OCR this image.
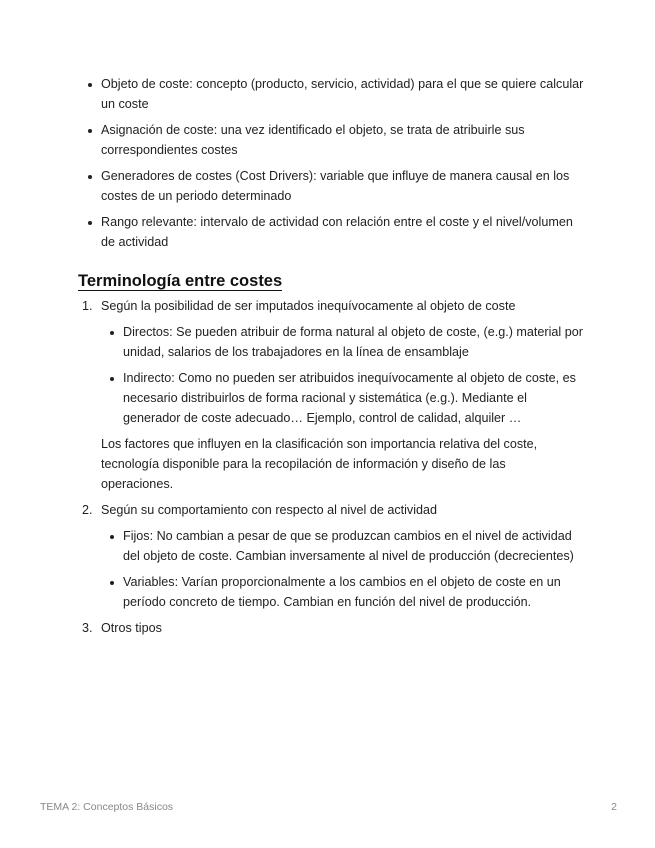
Objeto de coste: concepto (producto, servicio, actividad) para el que se quiere calcular un coste
Asignación de coste: una vez identificado el objeto, se trata de atribuirle sus correspondientes costes
Generadores de costes (Cost Drivers): variable que influye de manera causal en los costes de un periodo determinado
Rango relevante: intervalo de actividad con relación entre el coste y el nivel/volumen de actividad
Terminología entre costes
1. Según la posibilidad de ser imputados inequívocamente al objeto de coste
Directos: Se pueden atribuir de forma natural al objeto de coste, (e.g.) material por unidad, salarios de los trabajadores en la línea de ensamblaje
Indirecto: Como no pueden ser atribuidos inequívocamente al objeto de coste, es necesario distribuirlos de forma racional y sistemática (e.g.). Mediante el generador de coste adecuado… Ejemplo, control de calidad, alquiler …
Los factores que influyen en la clasificación son importancia relativa del coste, tecnología disponible para la recopilación de información y diseño de las operaciones.
2. Según su comportamiento con respecto al nivel de actividad
Fijos: No cambian a pesar de que se produzcan cambios en el nivel de actividad del objeto de coste. Cambian inversamente al nivel de producción (decrecientes)
Variables: Varían proporcionalmente a los cambios en el objeto de coste en un período concreto de tiempo. Cambian en función del nivel de producción.
3. Otros tipos
TEMA 2: Conceptos Básicos	2
